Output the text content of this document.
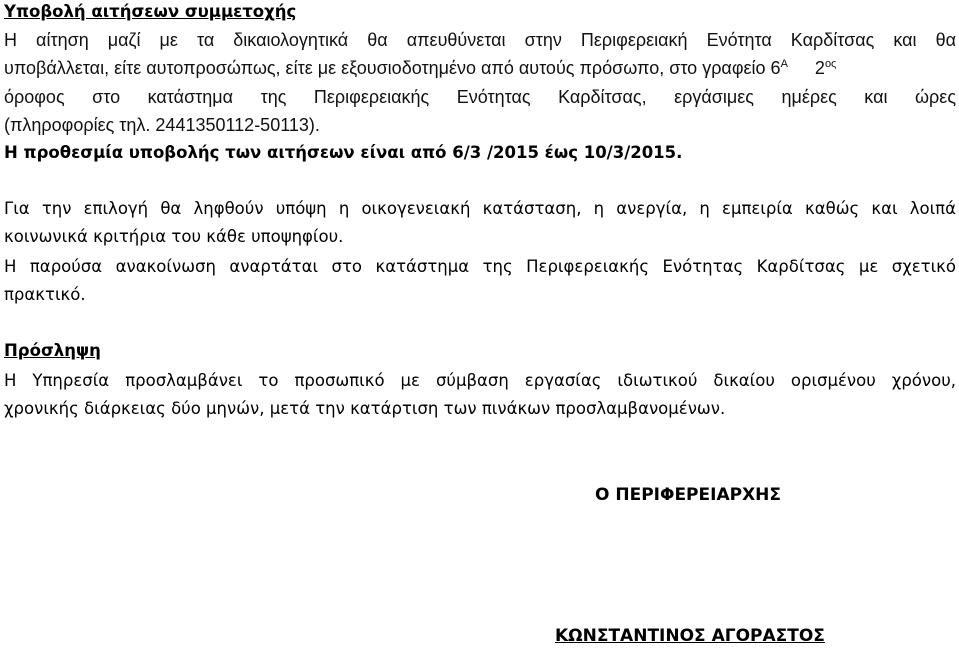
Υποβολή αιτήσεων συμμετοχής
Η αίτηση μαζί με τα δικαιολογητικά θα απευθύνεται στην Περιφερειακή Ενότητα Καρδίτσας και θα
υποβάλλεται, είτε αυτοπροσώπως, είτε με εξουσιοδοτημένο από αυτούς πρόσωπο, στο γραφείο $6^A$ $2^{o\varsigma}$
όροφος στο κατάστημα της Περιφερειακής Ενότητας Καρδίτσας, εργάσιμες ημέρες και ώρες
(πληροφορίες τηλ. 2441350112-50113).
Η προθεσμία υποβολής των αιτήσεων είναι από 6/3 /2015 έως 10/3/2015.
Για την επιλογή θα ληφθούν υπόψη η οικογενειακή κατάσταση, η ανεργία, η εμπειρία καθώς και λοιπά
κοινωνικά κριτήρια του κάθε υποψηφίου.
Η παρούσα ανακοίνωση αναρτάται στο κατάστημα της Περιφερειακής Ενότητας Καρδίτσας με σχετικό
πρακτικό.
Πρόσληψη
Η Υπηρεσία προσλαμβάνει το προσωπικό με σύμβαση εργασίας ιδιωτικού δικαίου ορισμένου χρόνου,
χρονικής διάρκειας δύο μηνών, μετά την κατάρτιση των πινάκων προσλαμβανομένων.
Ο ΠΕΡΙΦΕΡΕΙΑΡΧΗΣ
ΚΩΝΣΤΑΝΤΙΝΟΣ ΑΓΟΡΑΣΤΟΣ
